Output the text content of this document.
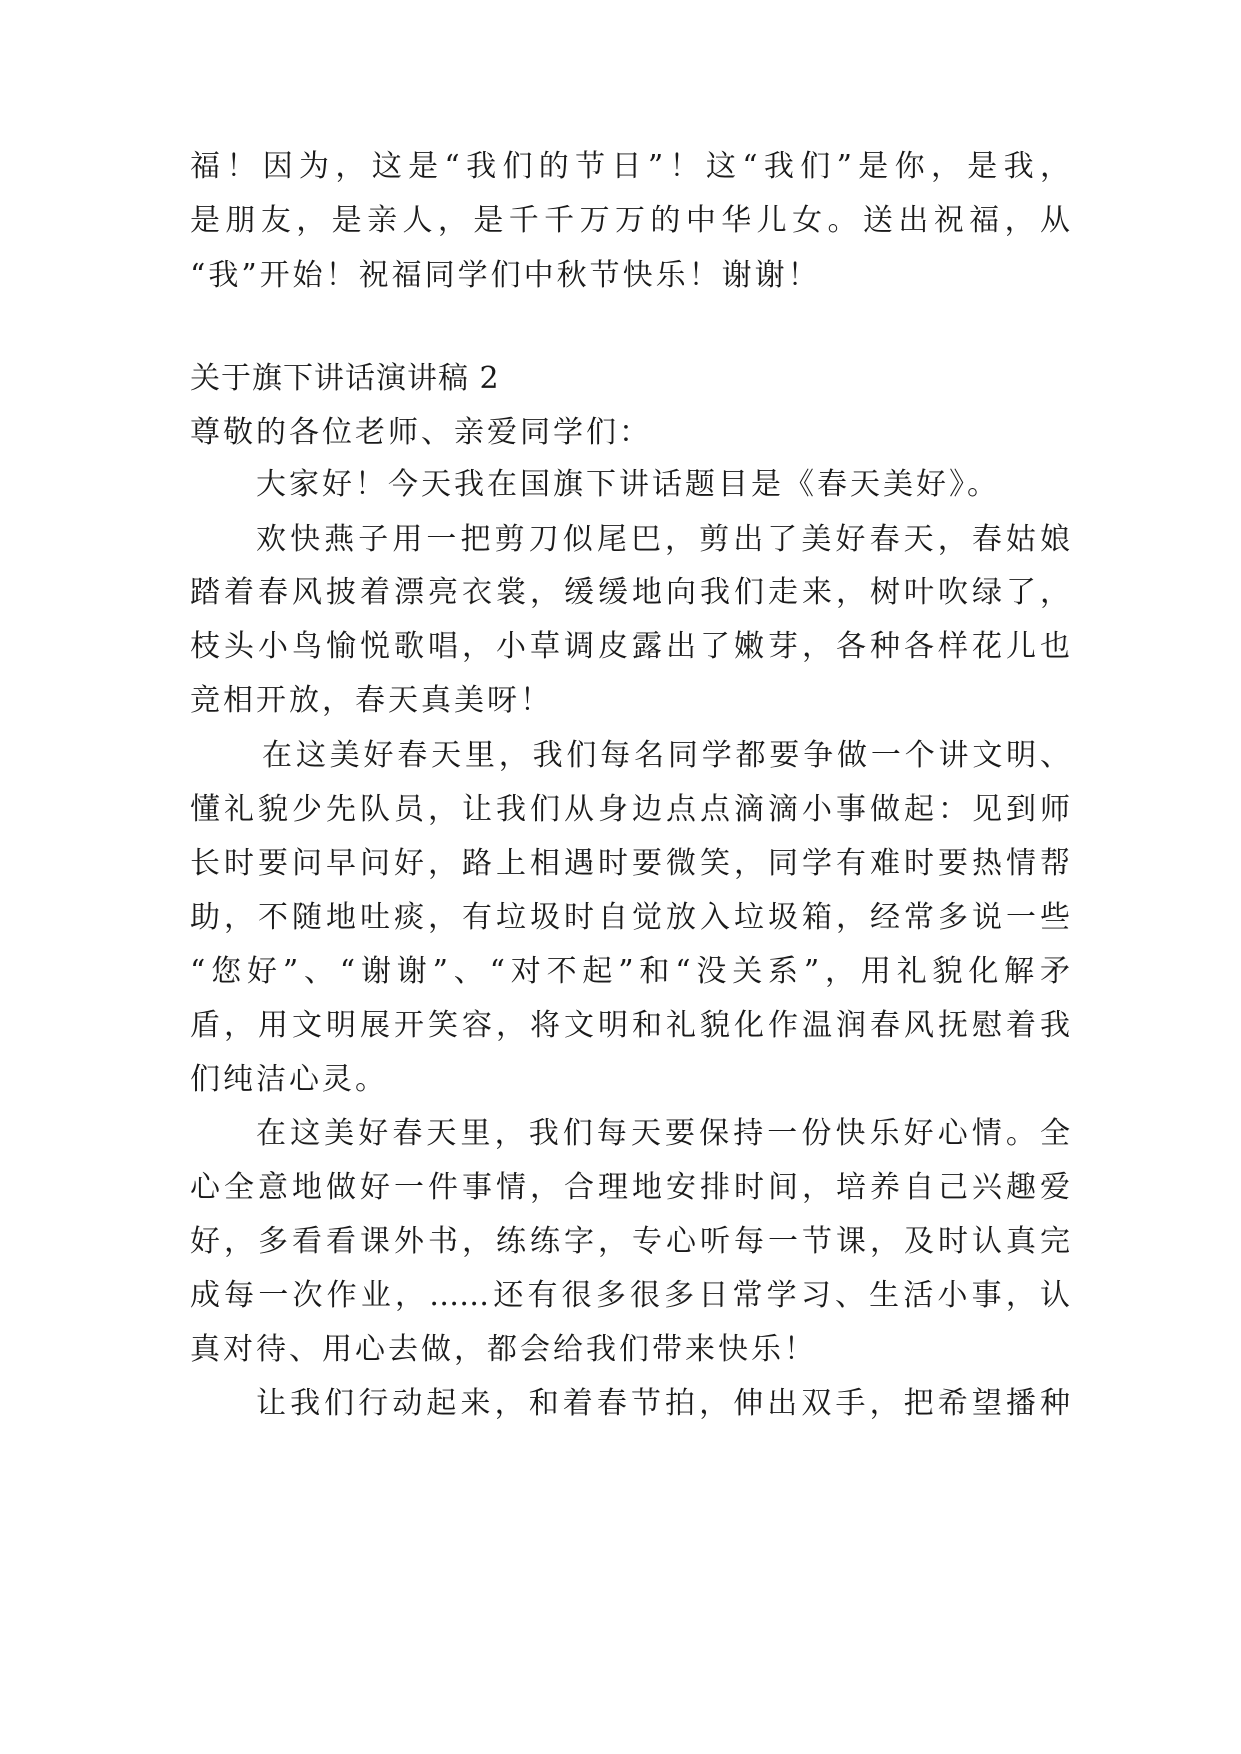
福！因为，这是“我们的节日”！这“我们”是你，是我，
是朋友，是亲人，是千千万万的中华儿女。送出祝福，从
“我”开始！祝福同学们中秋节快乐！谢谢！
关于旗下讲话演讲稿 2
尊敬的各位老师、亲爱同学们：
大家好！今天我在国旗下讲话题目是《春天美好》。
欢快燕子用一把剪刀似尾巴，剪出了美好春天，春姑娘
踏着春风披着漂亮衣裳，缓缓地向我们走来，树叶吹绿了，
枝头小鸟愉悦歌唱，小草调皮露出了嫩芽，各种各样花儿也
竞相开放，春天真美呀！
在这美好春天里，我们每名同学都要争做一个讲文明、
懂礼貌少先队员，让我们从身边点点滴滴小事做起：见到师
长时要问早问好，路上相遇时要微笑，同学有难时要热情帮
助，不随地吐痰，有垃圾时自觉放入垃圾箱，经常多说一些
“您好”、“谢谢”、“对不起”和“没关系”，用礼貌化解矛
盾，用文明展开笑容，将文明和礼貌化作温润春风抚慰着我
们纯洁心灵。
在这美好春天里，我们每天要保持一份快乐好心情。全
心全意地做好一件事情，合理地安排时间，培养自己兴趣爱
好，多看看课外书，练练字，专心听每一节课，及时认真完
成每一次作业，……还有很多很多日常学习、生活小事，认
真对待、用心去做，都会给我们带来快乐！
让我们行动起来，和着春节拍，伸出双手，把希望播种
